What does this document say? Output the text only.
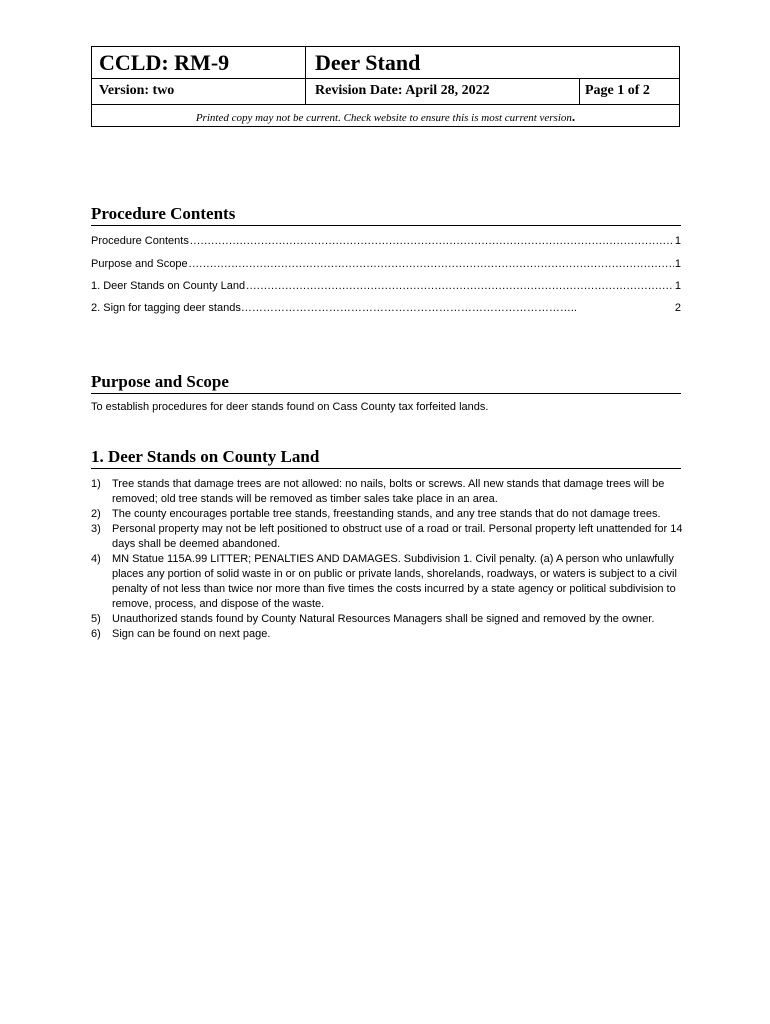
CCLD: RM-9	Deer Stand
Version: two	Revision Date: April 28, 2022	Page 1 of 2
Printed copy may not be current. Check website to ensure this is most current version.
Procedure Contents
Procedure Contents .....	1
Purpose and Scope .....	1
1. Deer Stands on County Land .....	1
2. Sign for tagging deer stands………………………………………………………………………………..	2
Purpose and Scope
To establish procedures for deer stands found on Cass County tax forfeited lands.
1. Deer Stands on County Land
1) Tree stands that damage trees are not allowed: no nails, bolts or screws. All new stands that damage trees will be removed; old tree stands will be removed as timber sales take place in an area.
2) The county encourages portable tree stands, freestanding stands, and any tree stands that do not damage trees.
3) Personal property may not be left positioned to obstruct use of a road or trail. Personal property left unattended for 14 days shall be deemed abandoned.
4) MN Statue 115A.99 LITTER; PENALTIES AND DAMAGES. Subdivision 1. Civil penalty. (a) A person who unlawfully places any portion of solid waste in or on public or private lands, shorelands, roadways, or waters is subject to a civil penalty of not less than twice nor more than five times the costs incurred by a state agency or political subdivision to remove, process, and dispose of the waste.
5) Unauthorized stands found by County Natural Resources Managers shall be signed and removed by the owner.
6) Sign can be found on next page.
